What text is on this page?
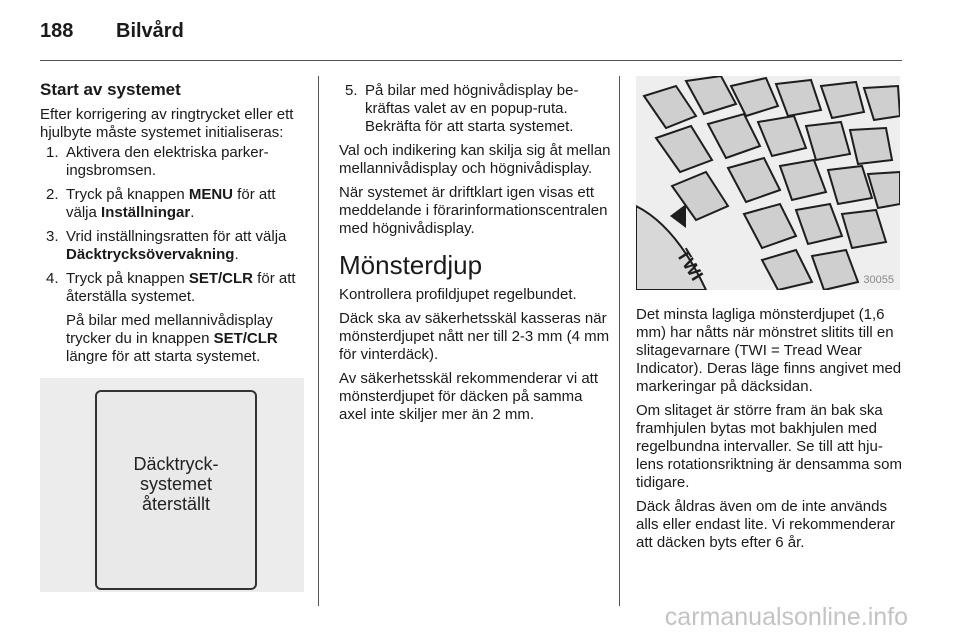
188 Bilvård

Start av systemet

Efter korrigering av ringtrycket eller ett hjulbyte måste systemet initialiseras:

1. Aktivera den elektriska parkeringsbromsen.
2. Tryck på knappen MENU för att välja Inställningar.
3. Vrid inställningsratten för att välja Däcktrycksövervakning.
4. Tryck på knappen SET/CLR för att återställa systemet.
På bilar med mellannivådisplay trycker du in knappen SET/CLR längre för att starta systemet.
Däcktryck-
systemet
återställt
5. På bilar med högnivådisplay bekräftas valet av en popup-ruta. Bekräfta för att starta systemet.

Val och indikering kan skilja sig åt mellan mellannivådisplay och högnivådisplay.

När systemet är driftklart igen visas ett meddelande i förarinformationscentralen med högnivådisplay.

Mönsterdjup

Kontrollera profildjupet regelbundet.

Däck ska av säkerhetsskäl kasseras när mönsterdjupet nått ner till 2-3 mm (4 mm för vinterdäck).

Av säkerhetsskäl rekommenderar vi att mönsterdjupet för däcken på samma axel inte skiljer mer än 2 mm.

TWI	30055

Det minsta lagliga mönsterdjupet (1,6 mm) har nåtts när mönstret slitits till en slitagevarnare (TWI = Tread Wear Indicator). Deras läge finns angivet med markeringar på däcksidan.

Om slitaget är större fram än bak ska framhjulen bytas mot bakhjulen med regelbundna intervaller. Se till att hjulens rotationsriktning är densamma som tidigare.

Däck åldras även om de inte används alls eller endast lite. Vi rekommenderar att däcken byts efter 6 år.

carmanualsonline.info
